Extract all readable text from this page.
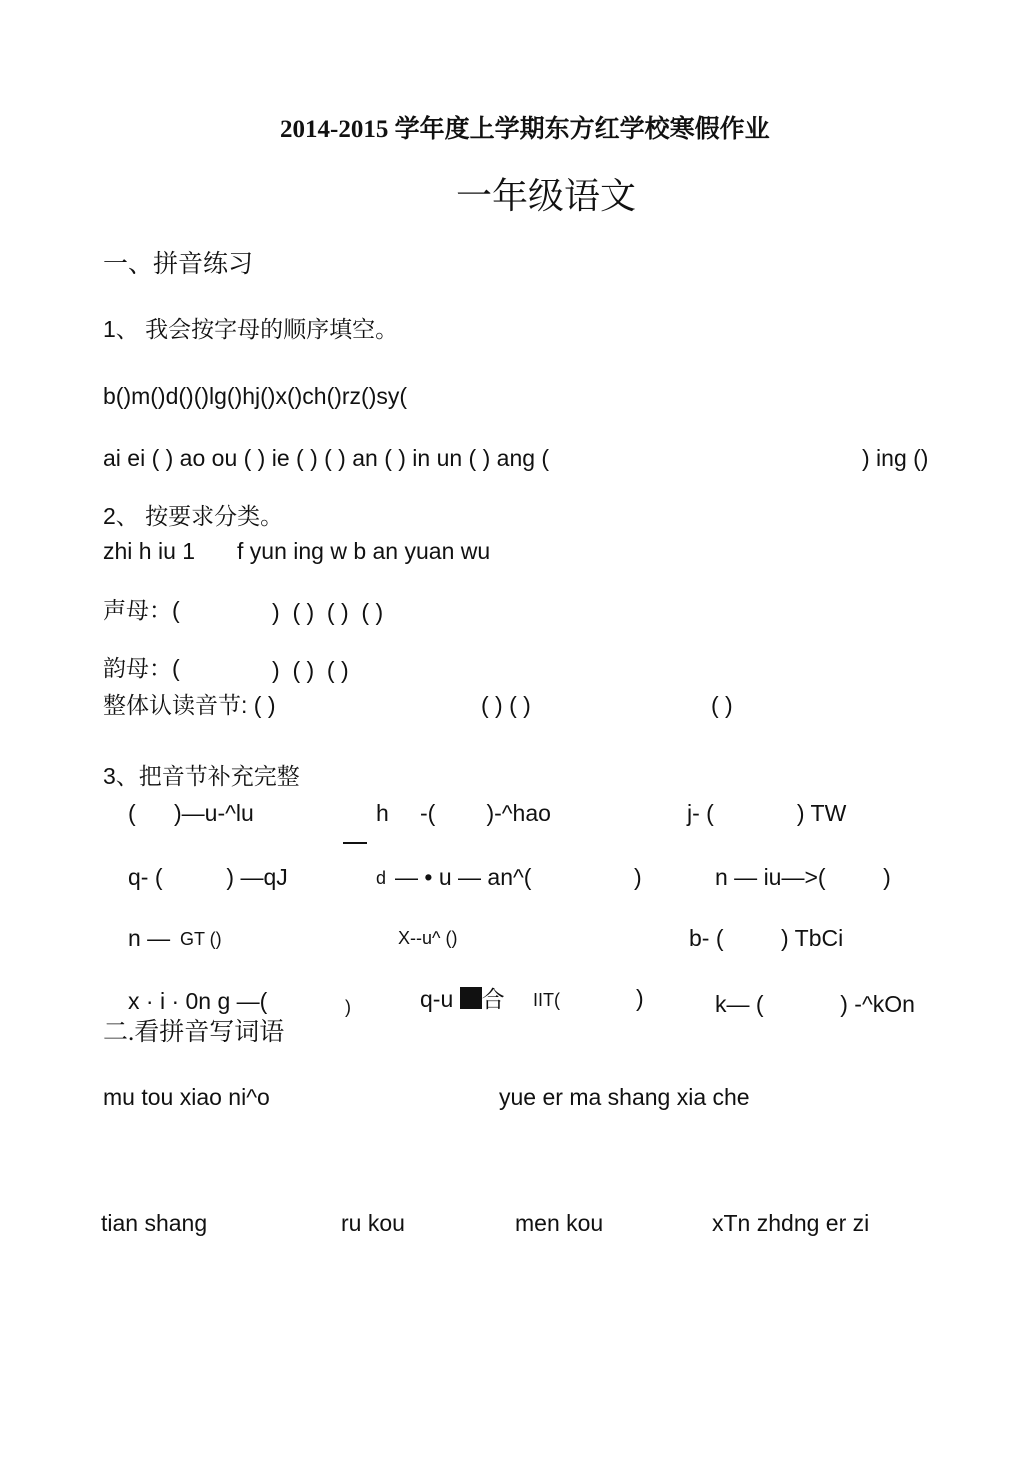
2014-2015 学年度上学期东方红学校寒假作业
一年级语文
一、拼音练习
1、 我会按字母的顺序填空。
b()m()d()()lg()hj()x()ch()rz()sy(
ai ei ( ) ao ou ( ) ie ( ) ( ) an ( ) in un ( ) ang (	) ing ()
2、 按要求分类。
zhi h iu 1 f yun ing w b an yuan wu
声母：(	)  ( )  ( )  ( )
韵母：(	)  ( )  ( )
整体认读音节: ( )	( ) ( )	( )
3、把音节补充完整
(      )—u-^lu	h -(        )-^hao	j- (             ) TW
q- (          ) —qJ	d — • u — an^(	)	n — iu—>(         )
n — GT ()	X--u^ ()	b- (         ) TbCi
x · i · 0n g —(	)	q-u 合 IIT(	)	k— (            ) -^kOn
二.看拼音写词语
mu tou xiao ni^o	yue er ma shang xia che
tian shang	ru kou	men kou	xTn zhdng er zi
